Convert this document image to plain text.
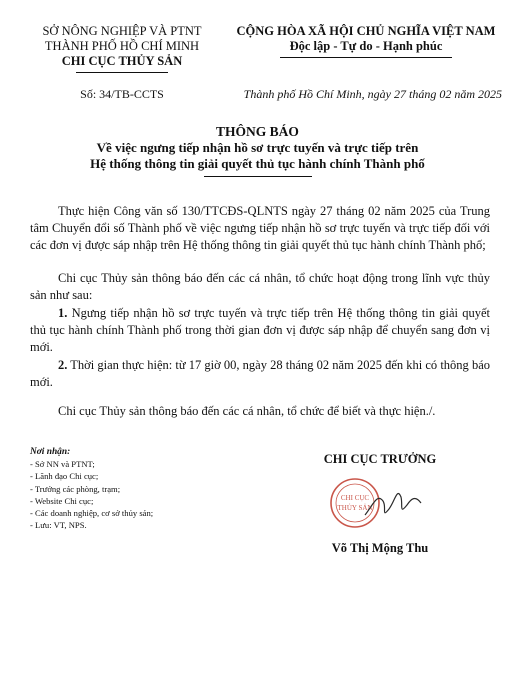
SỞ NÔNG NGHIỆP VÀ PTNT
THÀNH PHỐ HỒ CHÍ MINH
CHI CỤC THỦY SẢN
CỘNG HÒA XÃ HỘI CHỦ NGHĨA VIỆT NAM
Độc lập - Tự do - Hạnh phúc
Số: 34/TB-CCTS	Thành phố Hồ Chí Minh, ngày 27 tháng 02 năm 2025
THÔNG BÁO
Về việc ngưng tiếp nhận hồ sơ trực tuyến và trực tiếp trên
Hệ thống thông tin giải quyết thủ tục hành chính Thành phố

Thực hiện Công văn số 130/TTCĐS-QLNTS ngày 27 tháng 02 năm 2025 của Trung tâm Chuyển đổi số Thành phố về việc ngưng tiếp nhận hồ sơ trực tuyến và trực tiếp đối với các đơn vị được sáp nhập trên Hệ thống thông tin giải quyết thủ tục hành chính Thành phố;

Chi cục Thủy sản thông báo đến các cá nhân, tổ chức hoạt động trong lĩnh vực thủy sản như sau:

1. Ngưng tiếp nhận hồ sơ trực tuyến và trực tiếp trên Hệ thống thông tin giải quyết thủ tục hành chính Thành phố trong thời gian đơn vị được sáp nhập để chuyển sang đơn vị mới.

2. Thời gian thực hiện: từ 17 giờ 00, ngày 28 tháng 02 năm 2025 đến khi có thông báo mới.

Chi cục Thủy sản thông báo đến các cá nhân, tổ chức để biết và thực hiện./.

Nơi nhận:
- Sở NN và PTNT;
- Lãnh đạo Chi cục;
- Trưởng các phòng, trạm;
- Website Chi cục;
- Các doanh nghiệp, cơ sở thủy sản;
- Lưu: VT, NPS.
CHI CỤC TRƯỞNG
CHI CỤC
THỦY SẢN
Võ Thị Mộng Thu
